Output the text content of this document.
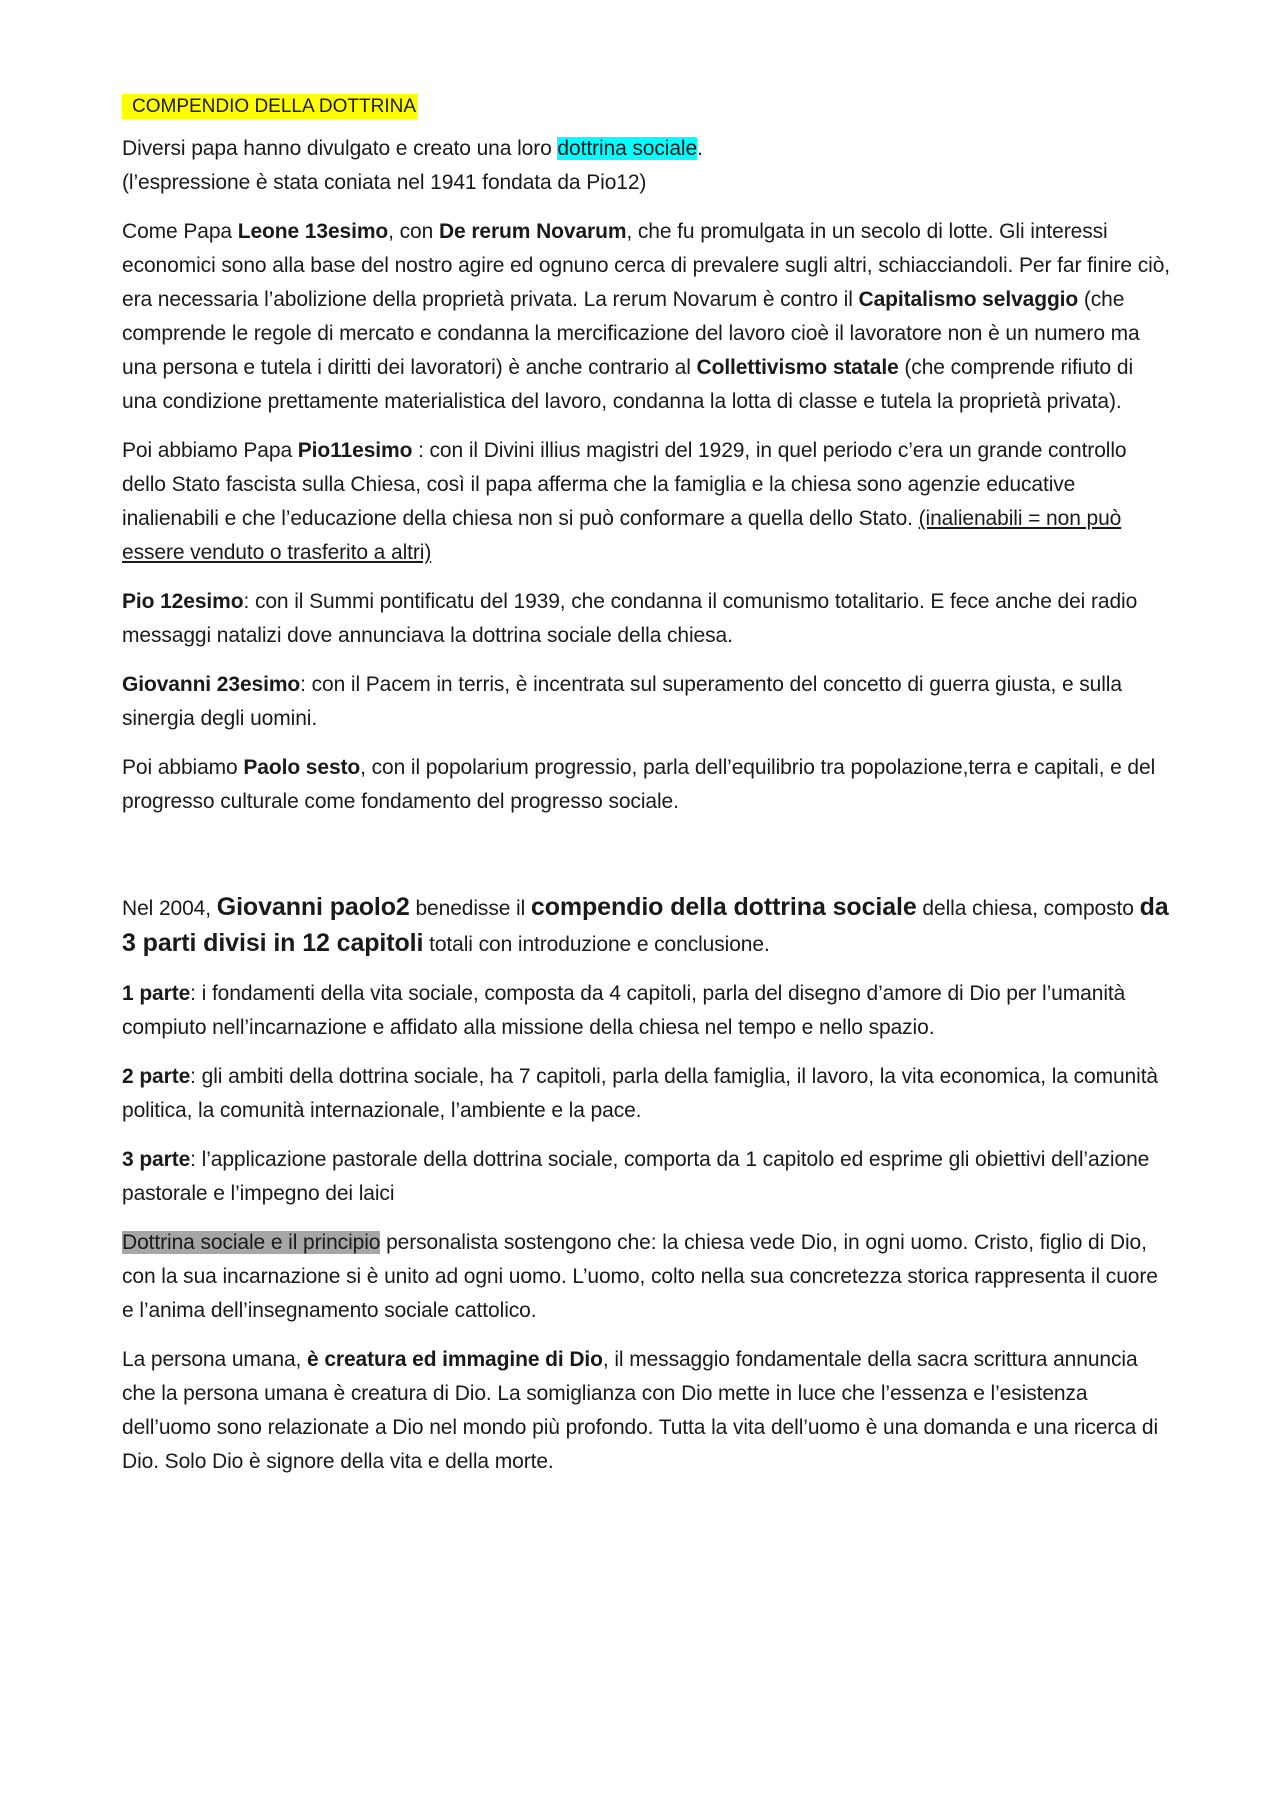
COMPENDIO DELLA DOTTRINA

Diversi papa hanno divulgato e creato una loro dottrina sociale.
(l’espressione è stata coniata nel 1941 fondata da Pio12)

Come Papa Leone 13esimo, con De rerum Novarum, che fu promulgata in un secolo di lotte. Gli interessi economici sono alla base del nostro agire ed ognuno cerca di prevalere sugli altri, schiacciandoli. Per far finire ciò, era necessaria l’abolizione della proprietà privata. La rerum Novarum è contro il Capitalismo selvaggio (che comprende le regole di mercato e condanna la mercificazione del lavoro cioè il lavoratore non è un numero ma una persona e tutela i diritti dei lavoratori) è anche contrario al Collettivismo statale (che comprende rifiuto di una condizione prettamente materialistica del lavoro, condanna la lotta di classe e tutela la proprietà privata).

Poi abbiamo Papa Pio11esimo : con il Divini illius magistri del 1929, in quel periodo c’era un grande controllo dello Stato fascista sulla Chiesa, così il papa afferma che la famiglia e la chiesa sono agenzie educative inalienabili e che l’educazione della chiesa non si può conformare a quella dello Stato. (inalienabili = non può essere venduto o trasferito a altri)

Pio 12esimo: con il Summi pontificatu del 1939, che condanna il comunismo totalitario. E fece anche dei radio messaggi natalizi dove annunciava la dottrina sociale della chiesa.

Giovanni 23esimo: con il Pacem in terris, è incentrata sul superamento del concetto di guerra giusta, e sulla sinergia degli uomini.

Poi abbiamo Paolo sesto, con il popolarium progressio, parla dell’equilibrio tra popolazione,terra e capitali, e del progresso culturale come fondamento del progresso sociale.

Nel 2004, Giovanni paolo2 benedisse il compendio della dottrina sociale della chiesa, composto da 3 parti divisi in 12 capitoli totali con introduzione e conclusione.

1 parte: i fondamenti della vita sociale, composta da 4 capitoli, parla del disegno d’amore di Dio per l’umanità compiuto nell’incarnazione e affidato alla missione della chiesa nel tempo e nello spazio.

2 parte: gli ambiti della dottrina sociale, ha 7 capitoli, parla della famiglia, il lavoro, la vita economica, la comunità politica, la comunità internazionale, l’ambiente e la pace.

3 parte: l’applicazione pastorale della dottrina sociale, comporta da 1 capitolo ed esprime gli obiettivi dell’azione pastorale e l’impegno dei laici

Dottrina sociale e il principio personalista sostengono che: la chiesa vede Dio, in ogni uomo. Cristo, figlio di Dio, con la sua incarnazione si è unito ad ogni uomo. L’uomo, colto nella sua concretezza storica rappresenta il cuore e l’anima dell’insegnamento sociale cattolico.

La persona umana, è creatura ed immagine di Dio, il messaggio fondamentale della sacra scrittura annuncia che la persona umana è creatura di Dio. La somiglianza con Dio mette in luce che l’essenza e l’esistenza dell’uomo sono relazionate a Dio nel mondo più profondo. Tutta la vita dell’uomo è una domanda e una ricerca di Dio. Solo Dio è signore della vita e della morte.
